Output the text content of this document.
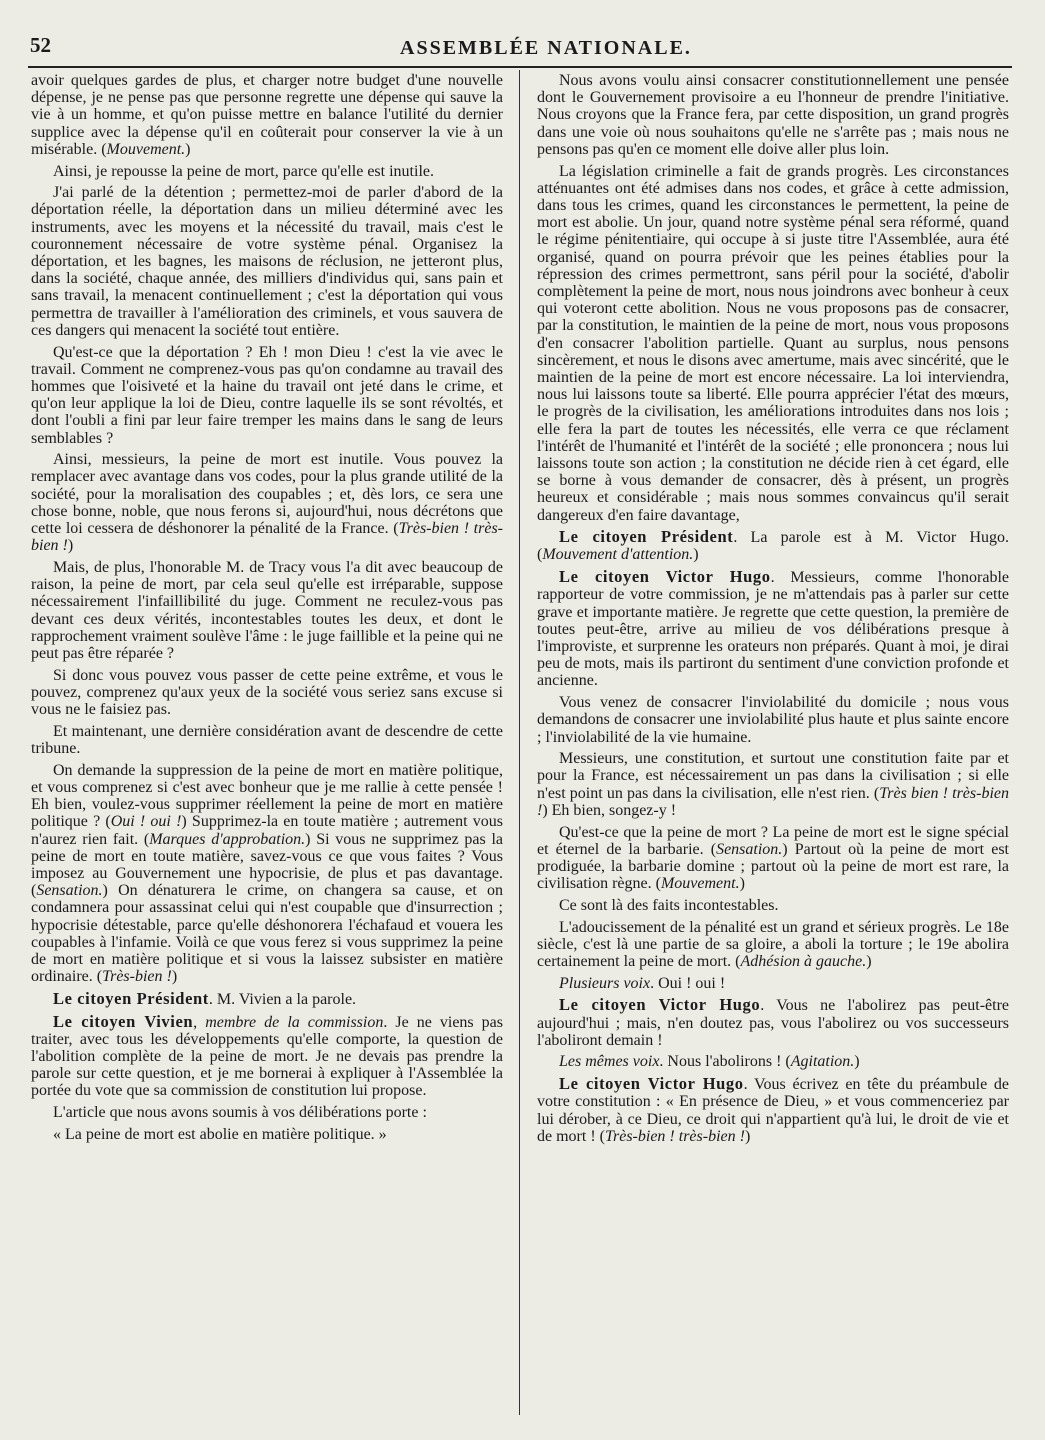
52	ASSEMBLÉE NATIONALE.

avoir quelques gardes de plus, et charger notre budget d'une nouvelle dépense, je ne pense pas que personne regrette une dépense qui sauve la vie à un homme, et qu'on puisse mettre en balance l'utilité du dernier supplice avec la dépense qu'il en coûterait pour conserver la vie à un misérable. (Mouvement.)

Ainsi, je repousse la peine de mort, parce qu'elle est inutile.

J'ai parlé de la détention ; permettez-moi de parler d'abord de la déportation réelle, la déportation dans un milieu déterminé avec les instruments, avec les moyens et la nécessité du travail, mais c'est le couronnement nécessaire de votre système pénal. Organisez la déportation, et les bagnes, les maisons de réclusion, ne jetteront plus, dans la société, chaque année, des milliers d'individus qui, sans pain et sans travail, la menacent continuellement ; c'est la déportation qui vous permettra de travailler à l'amélioration des criminels, et vous sauvera de ces dangers qui menacent la société tout entière.

Qu'est-ce que la déportation ? Eh ! mon Dieu ! c'est la vie avec le travail. Comment ne comprenez-vous pas qu'on condamne au travail des hommes que l'oisiveté et la haine du travail ont jeté dans le crime, et qu'on leur applique la loi de Dieu, contre laquelle ils se sont révoltés, et dont l'oubli a fini par leur faire tremper les mains dans le sang de leurs semblables ?

Ainsi, messieurs, la peine de mort est inutile. Vous pouvez la remplacer avec avantage dans vos codes, pour la plus grande utilité de la société, pour la moralisation des coupables ; et, dès lors, ce sera une chose bonne, noble, que nous ferons si, aujourd'hui, nous décrétons que cette loi cessera de déshonorer la pénalité de la France. (Très-bien ! très-bien !)

Mais, de plus, l'honorable M. de Tracy vous l'a dit avec beaucoup de raison, la peine de mort, par cela seul qu'elle est irréparable, suppose nécessairement l'infaillibilité du juge. Comment ne reculez-vous pas devant ces deux vérités, incontestables toutes les deux, et dont le rapprochement vraiment soulève l'âme : le juge faillible et la peine qui ne peut pas être réparée ?

Si donc vous pouvez vous passer de cette peine extrême, et vous le pouvez, comprenez qu'aux yeux de la société vous seriez sans excuse si vous ne le faisiez pas.

Et maintenant, une dernière considération avant de descendre de cette tribune.

On demande la suppression de la peine de mort en matière politique, et vous comprenez si c'est avec bonheur que je me rallie à cette pensée ! Eh bien, voulez-vous supprimer réellement la peine de mort en matière politique ? (Oui ! oui !) Supprimez-la en toute matière ; autrement vous n'aurez rien fait. (Marques d'approbation.) Si vous ne supprimez pas la peine de mort en toute matière, savez-vous ce que vous faites ? Vous imposez au Gouvernement une hypocrisie, de plus et pas davantage. (Sensation.) On dénaturera le crime, on changera sa cause, et on condamnera pour assassinat celui qui n'est coupable que d'insurrection ; hypocrisie détestable, parce qu'elle déshonorera l'échafaud et vouera les coupables à l'infamie. Voilà ce que vous ferez si vous supprimez la peine de mort en matière politique et si vous la laissez subsister en matière ordinaire. (Très-bien !)

Le citoyen Président. M. Vivien a la parole.

Le citoyen Vivien, membre de la commission. Je ne viens pas traiter, avec tous les développements qu'elle comporte, la question de l'abolition complète de la peine de mort. Je ne devais pas prendre la parole sur cette question, et je me bornerai à expliquer à l'Assemblée la portée du vote que sa commission de constitution lui propose.

L'article que nous avons soumis à vos délibérations porte :

« La peine de mort est abolie en matière politique. »

Nous avons voulu ainsi consacrer constitutionnellement une pensée dont le Gouvernement provisoire a eu l'honneur de prendre l'initiative. Nous croyons que la France fera, par cette disposition, un grand progrès dans une voie où nous souhaitons qu'elle ne s'arrête pas ; mais nous ne pensons pas qu'en ce moment elle doive aller plus loin.

La législation criminelle a fait de grands progrès. Les circonstances atténuantes ont été admises dans nos codes, et grâce à cette admission, dans tous les crimes, quand les circonstances le permettent, la peine de mort est abolie. Un jour, quand notre système pénal sera réformé, quand le régime pénitentiaire, qui occupe à si juste titre l'Assemblée, aura été organisé, quand on pourra prévoir que les peines établies pour la répression des crimes permettront, sans péril pour la société, d'abolir complètement la peine de mort, nous nous joindrons avec bonheur à ceux qui voteront cette abolition. Nous ne vous proposons pas de consacrer, par la constitution, le maintien de la peine de mort, nous vous proposons d'en consacrer l'abolition partielle. Quant au surplus, nous pensons sincèrement, et nous le disons avec amertume, mais avec sincérité, que le maintien de la peine de mort est encore nécessaire. La loi interviendra, nous lui laissons toute sa liberté. Elle pourra apprécier l'état des mœurs, le progrès de la civilisation, les améliorations introduites dans nos lois ; elle fera la part de toutes les nécessités, elle verra ce que réclament l'intérêt de l'humanité et l'intérêt de la société ; elle prononcera ; nous lui laissons toute son action ; la constitution ne décide rien à cet égard, elle se borne à vous demander de consacrer, dès à présent, un progrès heureux et considérable ; mais nous sommes convaincus qu'il serait dangereux d'en faire davantage,

Le citoyen Président. La parole est à M. Victor Hugo. (Mouvement d'attention.)

Le citoyen Victor Hugo. Messieurs, comme l'honorable rapporteur de votre commission, je ne m'attendais pas à parler sur cette grave et importante matière. Je regrette que cette question, la première de toutes peut-être, arrive au milieu de vos délibérations presque à l'improviste, et surprenne les orateurs non préparés. Quant à moi, je dirai peu de mots, mais ils partiront du sentiment d'une conviction profonde et ancienne.

Vous venez de consacrer l'inviolabilité du domicile ; nous vous demandons de consacrer une inviolabilité plus haute et plus sainte encore ; l'inviolabilité de la vie humaine.

Messieurs, une constitution, et surtout une constitution faite par et pour la France, est nécessairement un pas dans la civilisation ; si elle n'est point un pas dans la civilisation, elle n'est rien. (Très bien ! très-bien !) Eh bien, songez-y !

Qu'est-ce que la peine de mort ? La peine de mort est le signe spécial et éternel de la barbarie. (Sensation.) Partout où la peine de mort est prodiguée, la barbarie domine ; partout où la peine de mort est rare, la civilisation règne. (Mouvement.)

Ce sont là des faits incontestables.

L'adoucissement de la pénalité est un grand et sérieux progrès. Le 18e siècle, c'est là une partie de sa gloire, a aboli la torture ; le 19e abolira certainement la peine de mort. (Adhésion à gauche.)

Plusieurs voix. Oui ! oui !

Le citoyen Victor Hugo. Vous ne l'abolirez pas peut-être aujourd'hui ; mais, n'en doutez pas, vous l'abolirez ou vos successeurs l'aboliront demain !

Les mêmes voix. Nous l'abolirons ! (Agitation.)

Le citoyen Victor Hugo. Vous écrivez en tête du préambule de votre constitution : « En présence de Dieu, » et vous commenceriez par lui dérober, à ce Dieu, ce droit qui n'appartient qu'à lui, le droit de vie et de mort ! (Très-bien ! très-bien !)
